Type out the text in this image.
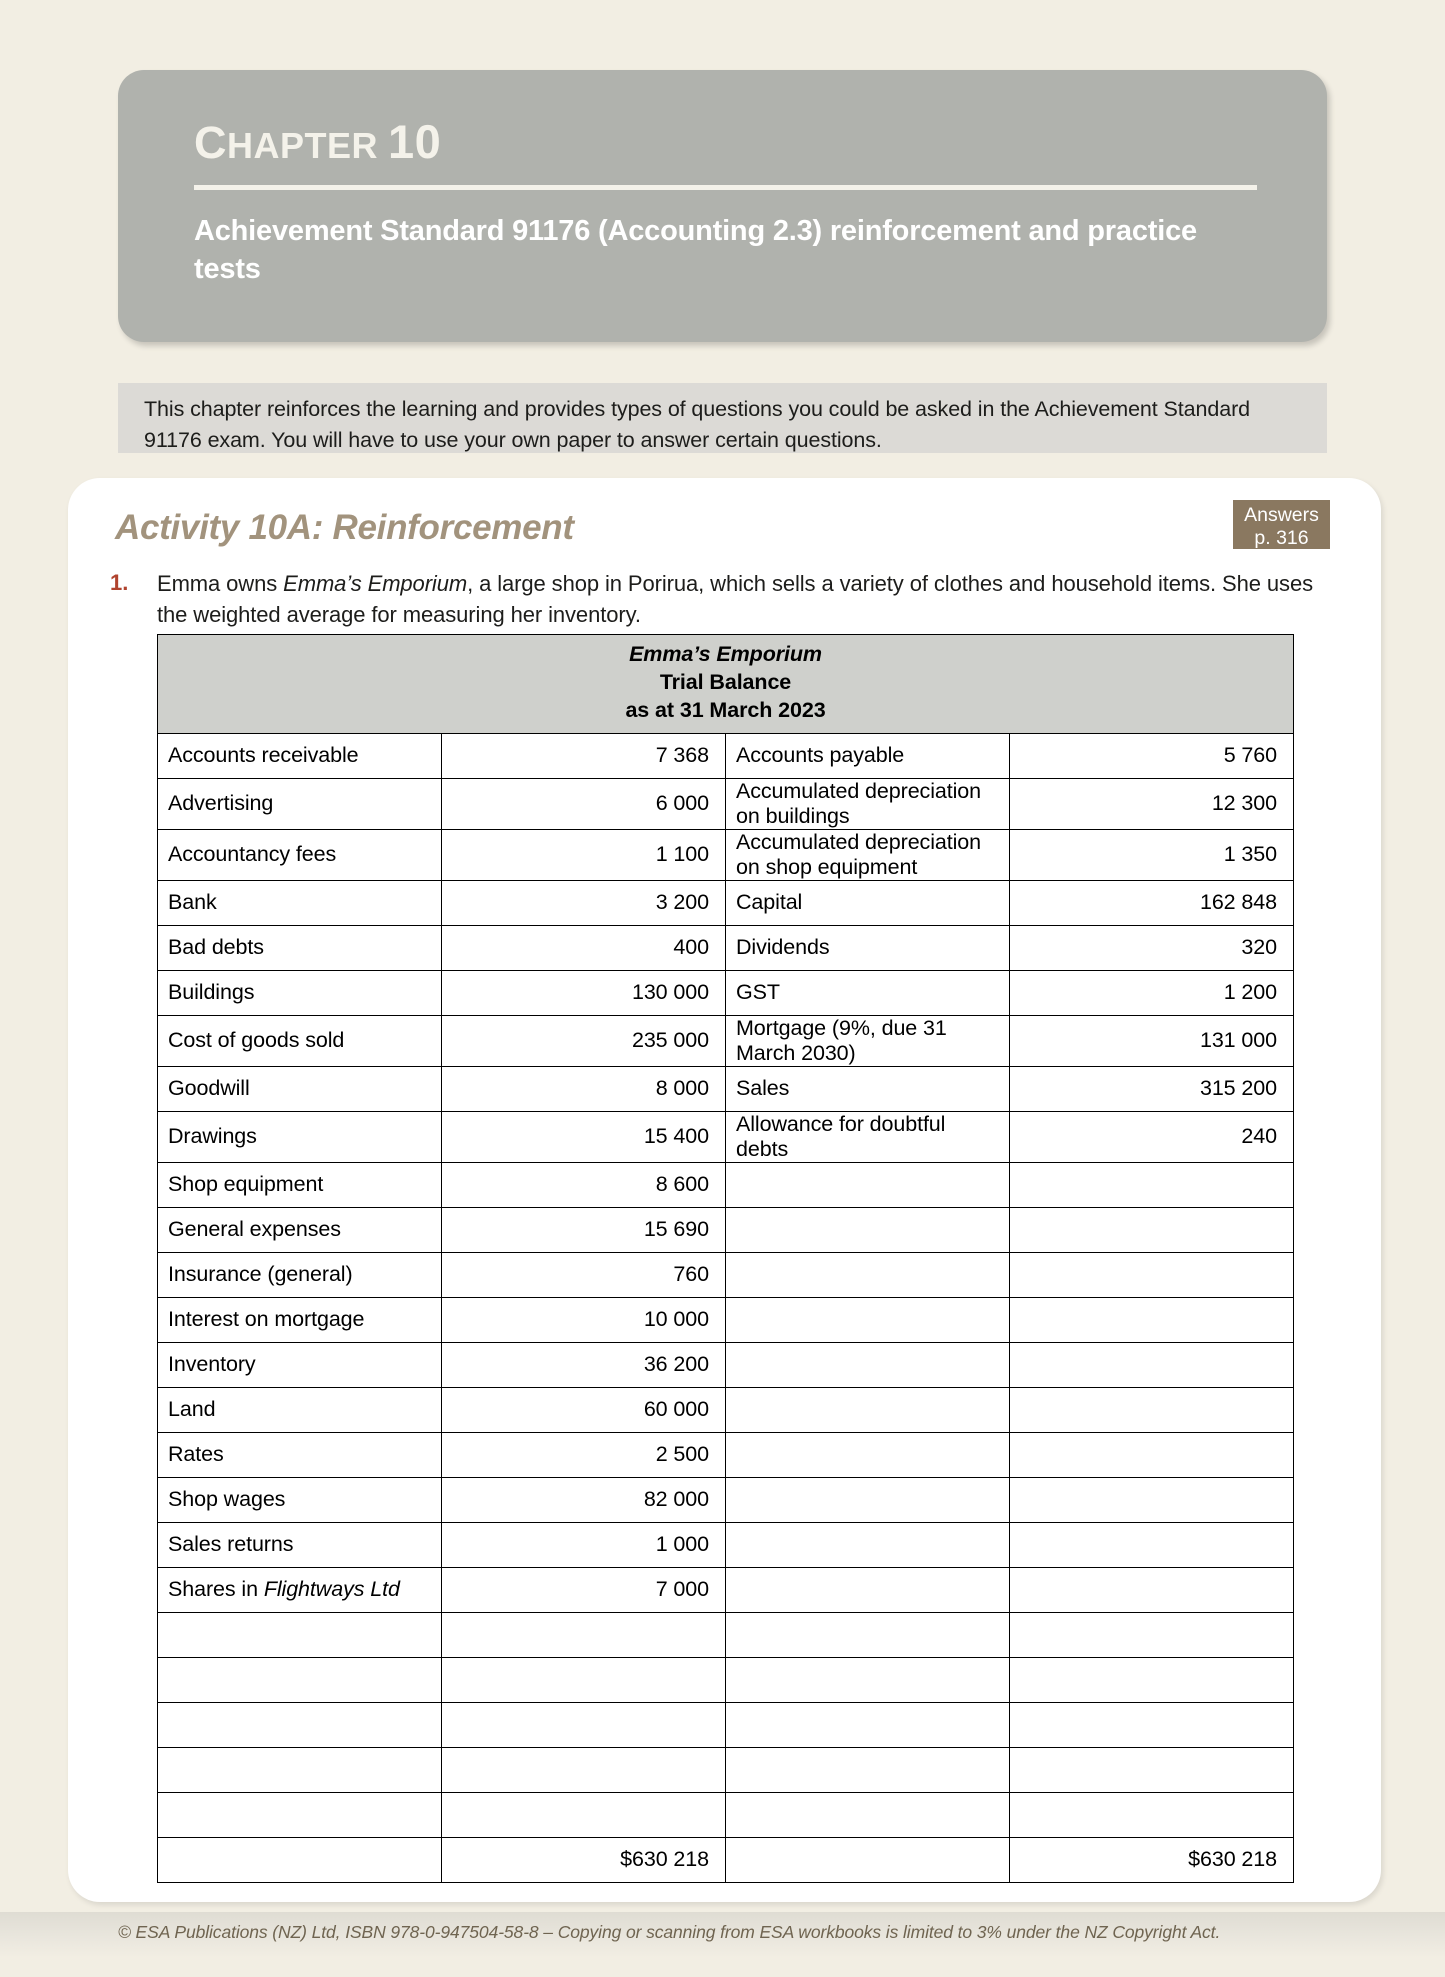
CHAPTER 10
Achievement Standard 91176 (Accounting 2.3) reinforcement and practice tests
This chapter reinforces the learning and provides types of questions you could be asked in the Achievement Standard 91176 exam. You will have to use your own paper to answer certain questions.
Activity 10A: Reinforcement	Answers
p. 316
1. Emma owns Emma’s Emporium, a large shop in Porirua, which sells a variety of clothes and household items. She uses the weighted average for measuring her inventory.
Emma’s Emporium
Trial Balance
as at 31 March 2023			

Accounts receivable	7 368	Accounts payable	5 760
Advertising	6 000	Accumulated depreciation on buildings	12 300
Accountancy fees	1 100	Accumulated depreciation on shop equipment	1 350
Bank	3 200	Capital	162 848
Bad debts	400	Dividends	320
Buildings	130 000	GST	1 200
Cost of goods sold	235 000	Mortgage (9%, due 31 March 2030)	131 000
Goodwill	8 000	Sales	315 200
Drawings	15 400	Allowance for doubtful debts	240
Shop equipment	8 600		
General expenses	15 690		
Insurance (general)	760		
Interest on mortgage	10 000		
Inventory	36 200		
Land	60 000		
Rates	2 500		
Shop wages	82 000		
Sales returns	1 000		
Shares in Flightways Ltd	7 000		

	$630 218		$630 218
© ESA Publications (NZ) Ltd, ISBN 978-0-947504-58-8 – Copying or scanning from ESA workbooks is limited to 3% under the NZ Copyright Act.
